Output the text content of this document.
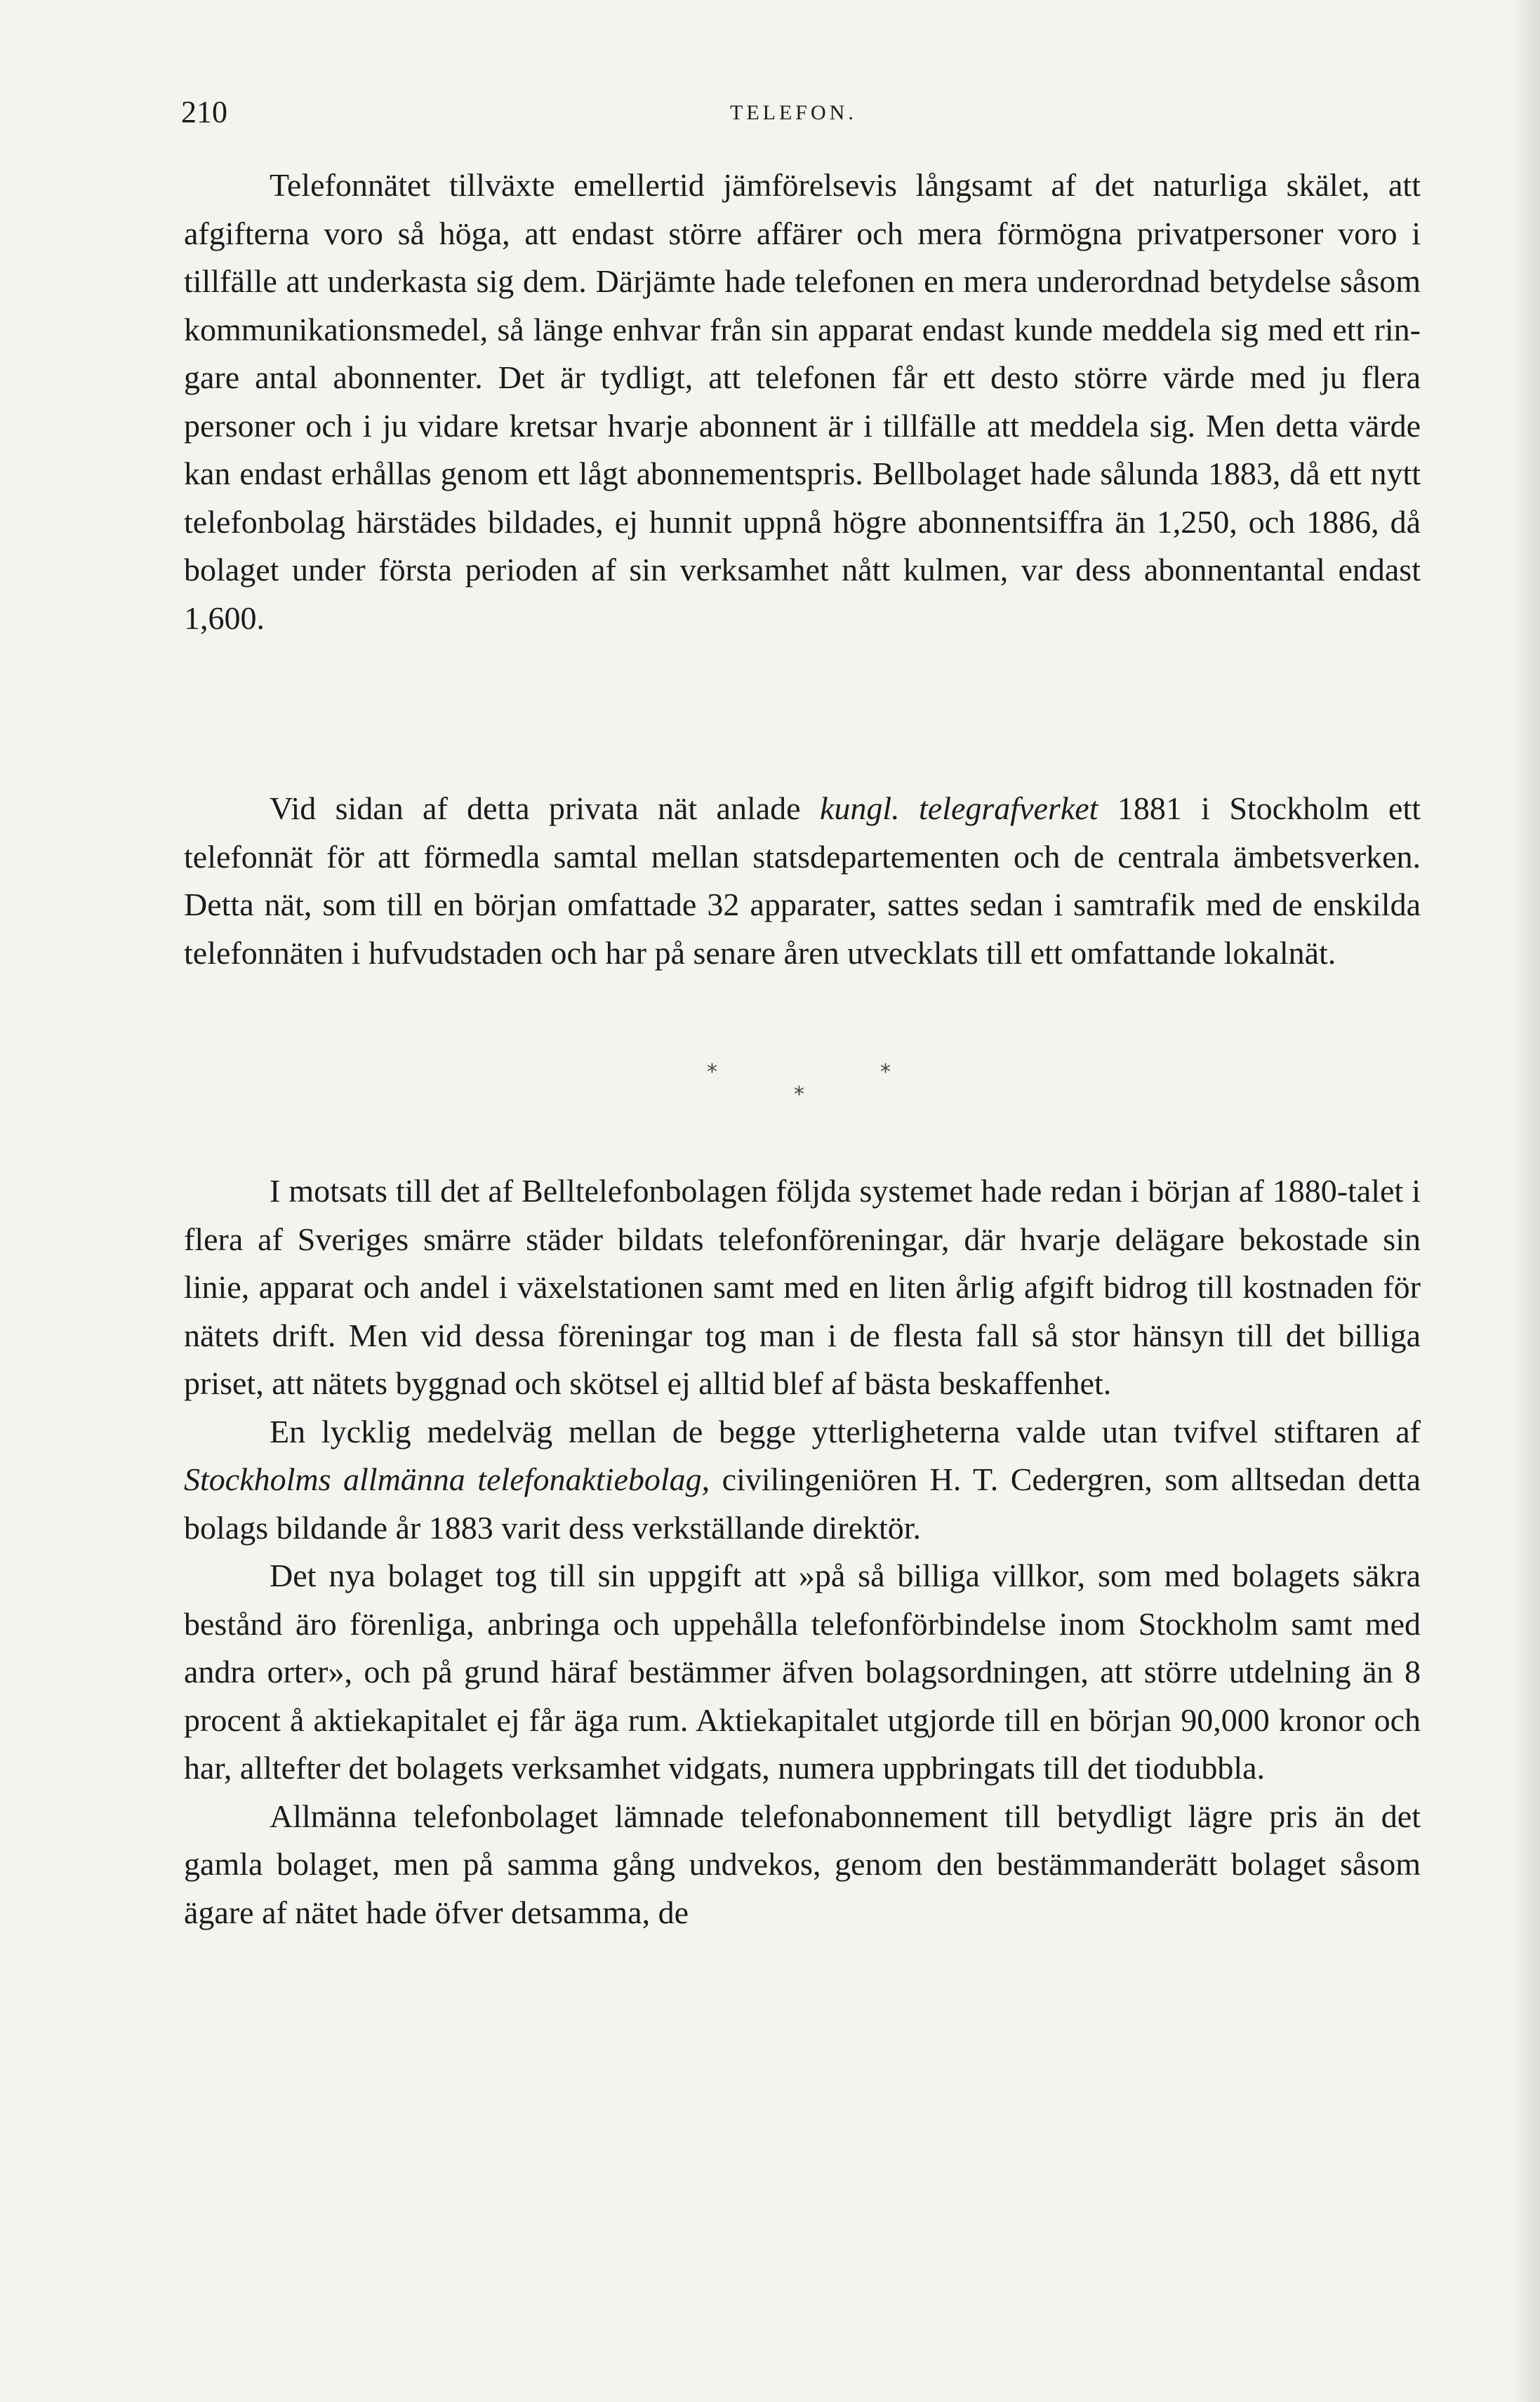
210	TELEFON.

Telefonnätet tillväxte emellertid jämförelsevis långsamt af det naturliga skälet, att afgifterna voro så höga, att endast större affärer och mera förmögna privatpersoner voro i tillfälle att underkasta sig dem. Därjämte hade telefonen en mera underordnad betydelse såsom kommunikationsmedel, så länge enhvar från sin apparat endast kunde meddela sig med ett ringare antal abonnenter. Det är tydligt, att telefonen får ett desto större värde med ju flera personer och i ju vidare kretsar hvarje abonnent är i tillfälle att meddela sig. Men detta värde kan endast erhållas genom ett lågt abonnementspris. Bellbolaget hade sålunda 1883, då ett nytt telefonbolag härstädes bildades, ej hunnit uppnå högre abonnentsiffra än 1,250, och 1886, då bolaget under första perioden af sin verksamhet nått kulmen, var dess abonnentantal endast 1,600.

Vid sidan af detta privata nät anlade kungl. telegrafverket 1881 i Stockholm ett telefonnät för att förmedla samtal mellan statsdepartementen och de centrala ämbetsverken. Detta nät, som till en början omfattade 32 apparater, sattes sedan i samtrafik med de enskilda telefonnäten i hufvudstaden och har på senare åren utvecklats till ett omfattande lokalnät.

*	*
*

I motsats till det af Belltelefonbolagen följda systemet hade redan i början af 1880-talet i flera af Sveriges smärre städer bildats telefonföreningar, där hvarje delägare bekostade sin linie, apparat och andel i växelstationen samt med en liten årlig afgift bidrog till kostnaden för nätets drift. Men vid dessa föreningar tog man i de flesta fall så stor hänsyn till det billiga priset, att nätets byggnad och skötsel ej alltid blef af bästa beskaffenhet.

En lycklig medelväg mellan de begge ytterligheterna valde utan tvifvel stiftaren af Stockholms allmänna telefonaktiebolag, civilingeniören H. T. Cedergren, som alltsedan detta bolags bildande år 1883 varit dess verkställande direktör.

Det nya bolaget tog till sin uppgift att »på så billiga villkor, som med bolagets säkra bestånd äro förenliga, anbringa och uppehålla telefonförbindelse inom Stockholm samt med andra orter», och på grund häraf bestämmer äfven bolagsordningen, att större utdelning än 8 procent å aktiekapitalet ej får äga rum. Aktiekapitalet utgjorde till en början 90,000 kronor och har, alltefter det bolagets verksamhet vidgats, numera uppbringats till det tiodubbla.

Allmänna telefonbolaget lämnade telefonabonnement till betydligt lägre pris än det gamla bolaget, men på samma gång undvekos, genom den bestämmanderätt bolaget såsom ägare af nätet hade öfver detsamma, de
